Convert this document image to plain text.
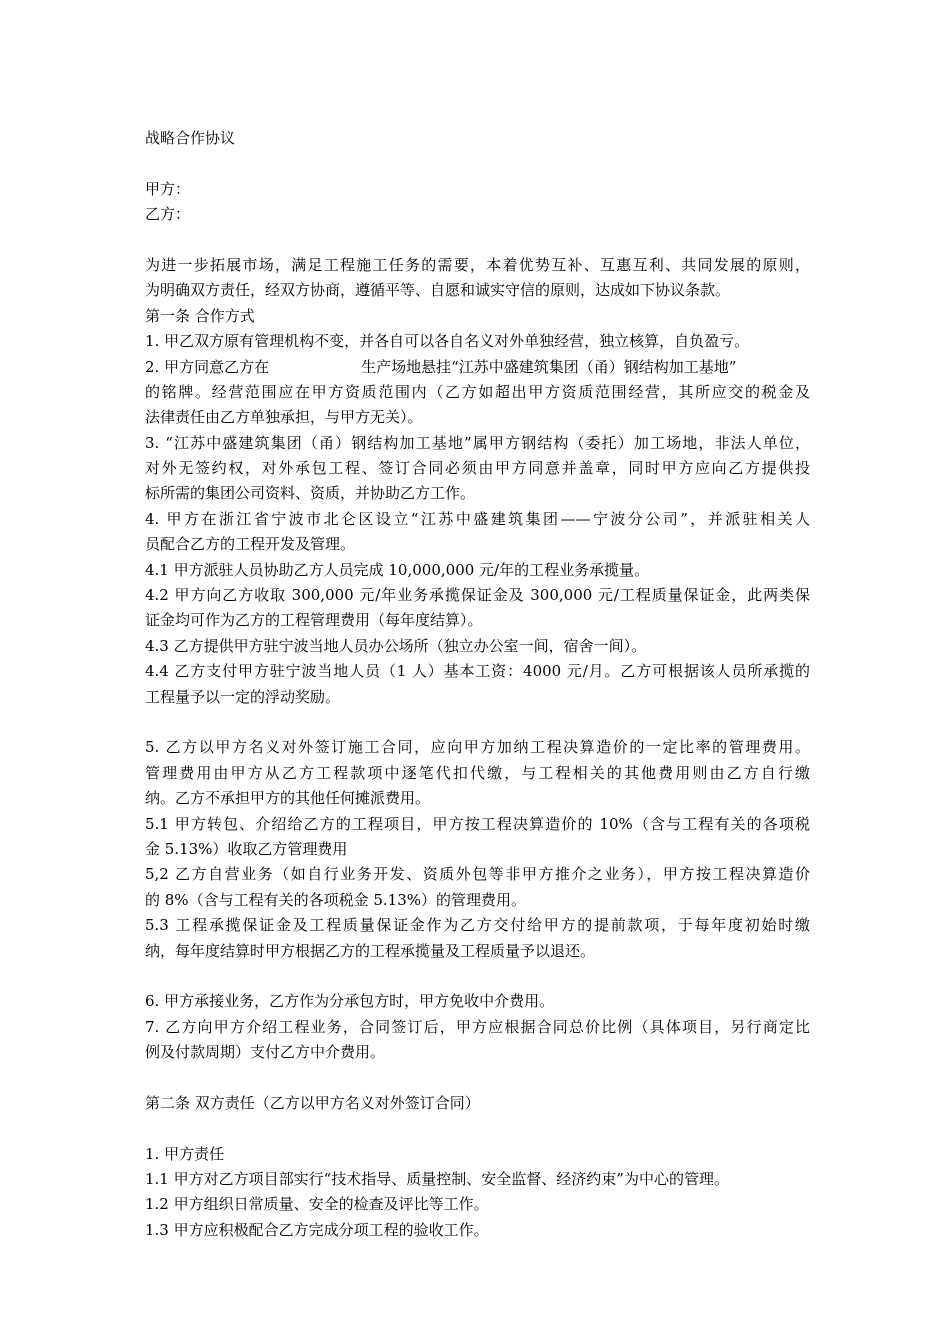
战略合作协议
甲方：
乙方：
为进一步拓展市场，满足工程施工任务的需要，本着优势互补、互惠互利、共同发展的原则，
为明确双方责任，经双方协商，遵循平等、自愿和诚实守信的原则，达成如下协议条款。
第一条 合作方式
1. 甲乙双方原有管理机构不变，并各自可以各自名义对外单独经营，独立核算，自负盈亏。
2. 甲方同意乙方在	生产场地悬挂“江苏中盛建筑集团（甬）钢结构加工基地”
的铭牌。经营范围应在甲方资质范围内（乙方如超出甲方资质范围经营，其所应交的税金及
法律责任由乙方单独承担，与甲方无关）。
3. “江苏中盛建筑集团（甬）钢结构加工基地”属甲方钢结构（委托）加工场地，非法人单位，
对外无签约权，对外承包工程、签订合同必须由甲方同意并盖章，同时甲方应向乙方提供投
标所需的集团公司资料、资质，并协助乙方工作。
4. 甲方在浙江省宁波市北仑区设立“江苏中盛建筑集团——宁波分公司”，并派驻相关人
员配合乙方的工程开发及管理。
4.1 甲方派驻人员协助乙方人员完成 10,000,000 元/年的工程业务承揽量。
4.2 甲方向乙方收取 300,000 元/年业务承揽保证金及 300,000 元/工程质量保证金，此两类保
证金均可作为乙方的工程管理费用（每年度结算）。
4.3 乙方提供甲方驻宁波当地人员办公场所（独立办公室一间，宿舍一间）。
4.4 乙方支付甲方驻宁波当地人员（1 人）基本工资：4000 元/月。乙方可根据该人员所承揽的
工程量予以一定的浮动奖励。
5. 乙方以甲方名义对外签订施工合同，应向甲方加纳工程决算造价的一定比率的管理费用。
管理费用由甲方从乙方工程款项中逐笔代扣代缴，与工程相关的其他费用则由乙方自行缴
纳。乙方不承担甲方的其他任何摊派费用。
5.1 甲方转包、介绍给乙方的工程项目，甲方按工程决算造价的 10%（含与工程有关的各项税
金 5.13%）收取乙方管理费用
5,2 乙方自营业务（如自行业务开发、资质外包等非甲方推介之业务），甲方按工程决算造价
的 8%（含与工程有关的各项税金 5.13%）的管理费用。
5.3 工程承揽保证金及工程质量保证金作为乙方交付给甲方的提前款项，于每年度初始时缴
纳，每年度结算时甲方根据乙方的工程承揽量及工程质量予以退还。
6. 甲方承接业务，乙方作为分承包方时，甲方免收中介费用。
7. 乙方向甲方介绍工程业务，合同签订后，甲方应根据合同总价比例（具体项目，另行商定比
例及付款周期）支付乙方中介费用。
第二条 双方责任（乙方以甲方名义对外签订合同）
1. 甲方责任
1.1 甲方对乙方项目部实行“技术指导、质量控制、安全监督、经济约束”为中心的管理。
1.2 甲方组织日常质量、安全的检查及评比等工作。
1.3 甲方应积极配合乙方完成分项工程的验收工作。
